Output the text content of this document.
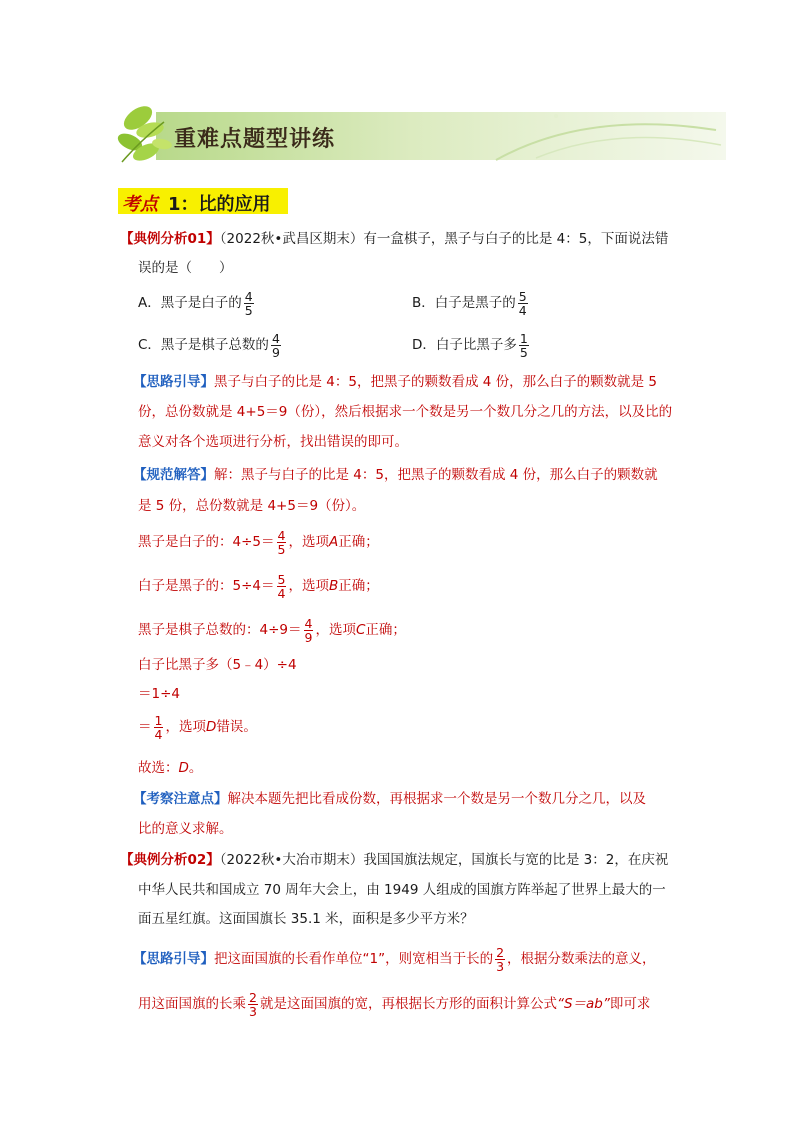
重难点题型讲练
考点 1：比的应用
【典例分析01】（2022秋•武昌区期末）有一盒棋子，黑子与白子的比是 4：5，下面说法错
误的是（　　）
A．黑子是白子的 $\frac{4}{5}$	B．白子是黑子的 $\frac{5}{4}$
C．黑子是棋子总数的 $\frac{4}{9}$	D．白子比黑子多 $\frac{1}{5}$
【思路引导】黑子与白子的比是 4：5，把黑子的颗数看成 4 份，那么白子的颗数就是 5
份，总份数就是 4+5＝9（份），然后根据求一个数是另一个数几分之几的方法，以及比的
意义对各个选项进行分析，找出错误的即可。
【规范解答】解：黑子与白子的比是 4：5，把黑子的颗数看成 4 份，那么白子的颗数就
是 5 份，总份数就是 4+5＝9（份）。
黑子是白子的：$4\div 5= \frac{4}{5}$ ，选项A正确；
白子是黑子的：$5\div 4= \frac{5}{4}$ ，选项B正确；
黑子是棋子总数的：$4\div 9= \frac{4}{9}$ ，选项C正确；
白子比黑子多（5﹣4）÷4
＝1÷4
＝ $\frac{1}{4}$ ，选项D错误。
故选：D。
【考察注意点】解决本题先把比看成份数，再根据求一个数是另一个数几分之几，以及
比的意义求解。
【典例分析02】（2022秋•大冶市期末）我国国旗法规定，国旗长与宽的比是 3：2，在庆祝
中华人民共和国成立 70 周年大会上，由 1949 人组成的国旗方阵举起了世界上最大的一
面五星红旗。这面国旗长 35.1 米，面积是多少平方米？
【思路引导】把这面国旗的长看作单位“1”，则宽相当于长的 $\frac{2}{3}$ ，根据分数乘法的意义，
用这面国旗的长乘 $\frac{2}{3}$ 就是这面国旗的宽，再根据长方形的面积计算公式“S＝ab”即可求
